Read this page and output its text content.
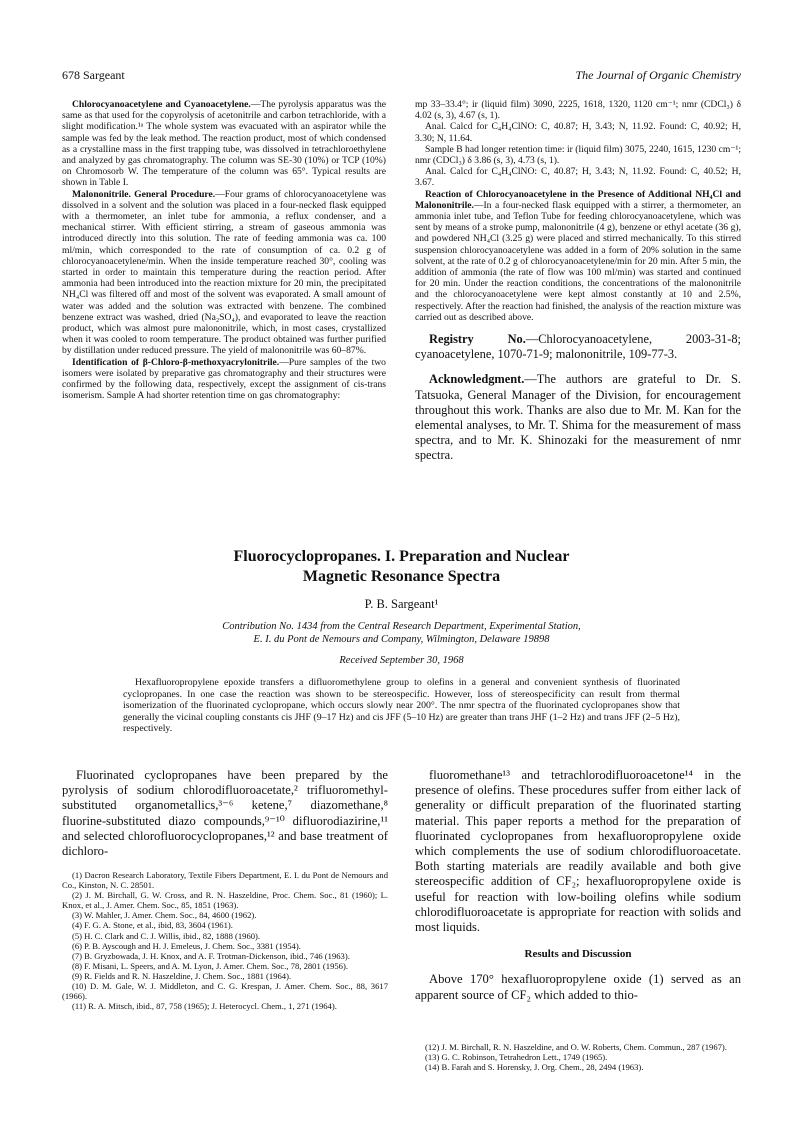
678 Sargeant	The Journal of Organic Chemistry

Chlorocyanoacetylene and Cyanoacetylene.—The pyrolysis apparatus was the same as that used for the copyrolysis of acetonitrile and carbon tetrachloride, with a slight modification.¹ᵃ The whole system was evacuated with an aspirator while the sample was fed by the leak method. The reaction product, most of which condensed as a crystalline mass in the first trapping tube, was dissolved in tetrachloroethylene and analyzed by gas chromatography. The column was SE-30 (10%) or TCP (10%) on Chromosorb W. The temperature of the column was 65°. Typical results are shown in Table I.

Malononitrile. General Procedure.—Four grams of chlorocyanoacetylene was dissolved in a solvent and the solution was placed in a four-necked flask equipped with a thermometer, an inlet tube for ammonia, a reflux condenser, and a mechanical stirrer. With efficient stirring, a stream of gaseous ammonia was introduced directly into this solution. The rate of feeding ammonia was ca. 100 ml/min, which corresponded to the rate of consumption of ca. 0.2 g of chlorocyanoacetylene/min. When the inside temperature reached 30°, cooling was started in order to maintain this temperature during the reaction period. After ammonia had been introduced into the reaction mixture for 20 min, the precipitated NH₄Cl was filtered off and most of the solvent was evaporated. A small amount of water was added and the solution was extracted with benzene. The combined benzene extract was washed, dried (Na₂SO₄), and evaporated to leave the reaction product, which was almost pure malononitrile, which, in most cases, crystallized when it was cooled to room temperature. The product obtained was further purified by distillation under reduced pressure. The yield of malononitrile was 60–87%.

Identification of β-Chloro-β-methoxyacrylonitrile.—Pure samples of the two isomers were isolated by preparative gas chromatography and their structures were confirmed by the following data, respectively, except the assignment of cis-trans isomerism. Sample A had shorter retention time on gas chromatography:

mp 33–33.4°; ir (liquid film) 3090, 2225, 1618, 1320, 1120 cm⁻¹; nmr (CDCl₃) δ 4.02 (s, 3), 4.67 (s, 1).

Anal. Calcd for C₄H₄ClNO: C, 40.87; H, 3.43; N, 11.92. Found: C, 40.92; H, 3.30; N, 11.64.

Sample B had longer retention time: ir (liquid film) 3075, 2240, 1615, 1230 cm⁻¹; nmr (CDCl₃) δ 3.86 (s, 3), 4.73 (s, 1).

Anal. Calcd for C₄H₄ClNO: C, 40.87; H, 3.43; N, 11.92. Found: C, 40.52; H, 3.67.

Reaction of Chlorocyanoacetylene in the Presence of Additional NH₄Cl and Malononitrile.—In a four-necked flask equipped with a stirrer, a thermometer, an ammonia inlet tube, and Teflon Tube for feeding chlorocyanoacetylene, which was sent by means of a stroke pump, malononitrile (4 g), benzene or ethyl acetate (36 g), and powdered NH₄Cl (3.25 g) were placed and stirred mechanically. To this stirred suspension chlorocyanoacetylene was added in a form of 20% solution in the same solvent, at the rate of 0.2 g of chlorocyanoacetylene/min for 20 min. After 5 min, the addition of ammonia (the rate of flow was 100 ml/min) was started and continued for 20 min. Under the reaction conditions, the concentrations of the malononitrile and the chlorocyanoacetylene were kept almost constantly at 10 and 2.5%, respectively. After the reaction had finished, the analysis of the reaction mixture was carried out as described above.

Registry No.—Chlorocyanoacetylene, 2003-31-8; cyanoacetylene, 1070-71-9; malononitrile, 109-77-3.

Acknowledgment.—The authors are grateful to Dr. S. Tatsuoka, General Manager of the Division, for encouragement throughout this work. Thanks are also due to Mr. M. Kan for the elemental analyses, to Mr. T. Shima for the measurement of mass spectra, and to Mr. K. Shinozaki for the measurement of nmr spectra.

Fluorocyclopropanes. I. Preparation and Nuclear
Magnetic Resonance Spectra
P. B. Sargeant¹
Contribution No. 1434 from the Central Research Department, Experimental Station,
E. I. du Pont de Nemours and Company, Wilmington, Delaware 19898
Received September 30, 1968
Hexafluoropropylene epoxide transfers a difluoromethylene group to olefins in a general and convenient synthesis of fluorinated cyclopropanes. In one case the reaction was shown to be stereospecific. However, loss of stereospecificity can result from thermal isomerization of the fluorinated cyclopropane, which occurs slowly near 200°. The nmr spectra of the fluorinated cyclopropanes show that generally the vicinal coupling constants cis JHF (9–17 Hz) and cis JFF (5–10 Hz) are greater than trans JHF (1–2 Hz) and trans JFF (2–5 Hz), respectively.

Fluorinated cyclopropanes have been prepared by the pyrolysis of sodium chlorodifluoroacetate,² trifluoromethyl-substituted organometallics,³⁻⁶ ketene,⁷ diazomethane,⁸ fluorine-substituted diazo compounds,⁹⁻¹⁰ difluorodiazirine,¹¹ and selected chlorofluorocyclopropanes,¹² and base treatment of dichloro-

(1) Dacron Research Laboratory, Textile Fibers Department, E. I. du Pont de Nemours and Co., Kinston, N. C. 28501.

(2) J. M. Birchall, G. W. Cross, and R. N. Haszeldine, Proc. Chem. Soc., 81 (1960); L. Knox, et al., J. Amer. Chem. Soc., 85, 1851 (1963).

(3) W. Mahler, J. Amer. Chem. Soc., 84, 4600 (1962).

(4) F. G. A. Stone, et al., ibid, 83, 3604 (1961).

(5) H. C. Clark and C. J. Willis, ibid., 82, 1888 (1960).

(6) P. B. Ayscough and H. J. Emeleus, J. Chem. Soc., 3381 (1954).

(7) B. Gryzbowada, J. H. Knox, and A. F. Trotman-Dickenson, ibid., 746 (1963).

(8) F. Misani, L. Speers, and A. M. Lyon, J. Amer. Chem. Soc., 78, 2801 (1956).

(9) R. Fields and R. N. Haszeldine, J. Chem. Soc., 1881 (1964).

(10) D. M. Gale, W. J. Middleton, and C. G. Krespan, J. Amer. Chem. Soc., 88, 3617 (1966).

(11) R. A. Mitsch, ibid., 87, 758 (1965); J. Heterocycl. Chem., 1, 271 (1964).

fluoromethane¹³ and tetrachlorodifluoroacetone¹⁴ in the presence of olefins. These procedures suffer from either lack of generality or difficult preparation of the fluorinated starting material. This paper reports a method for the preparation of fluorinated cyclopropanes from hexafluoropropylene oxide which complements the use of sodium chlorodifluoroacetate. Both starting materials are readily available and both give stereospecific addition of CF₂; hexafluoropropylene oxide is useful for reaction with low-boiling olefins while sodium chlorodifluoroacetate is appropriate for reaction with solids and most liquids.

Results and Discussion

Above 170° hexafluoropropylene oxide (1) served as an apparent source of CF₂ which added to thio-

(12) J. M. Birchall, R. N. Haszeldine, and O. W. Roberts, Chem. Commun., 287 (1967).

(13) G. C. Robinson, Tetrahedron Lett., 1749 (1965).

(14) B. Farah and S. Horensky, J. Org. Chem., 28, 2494 (1963).
